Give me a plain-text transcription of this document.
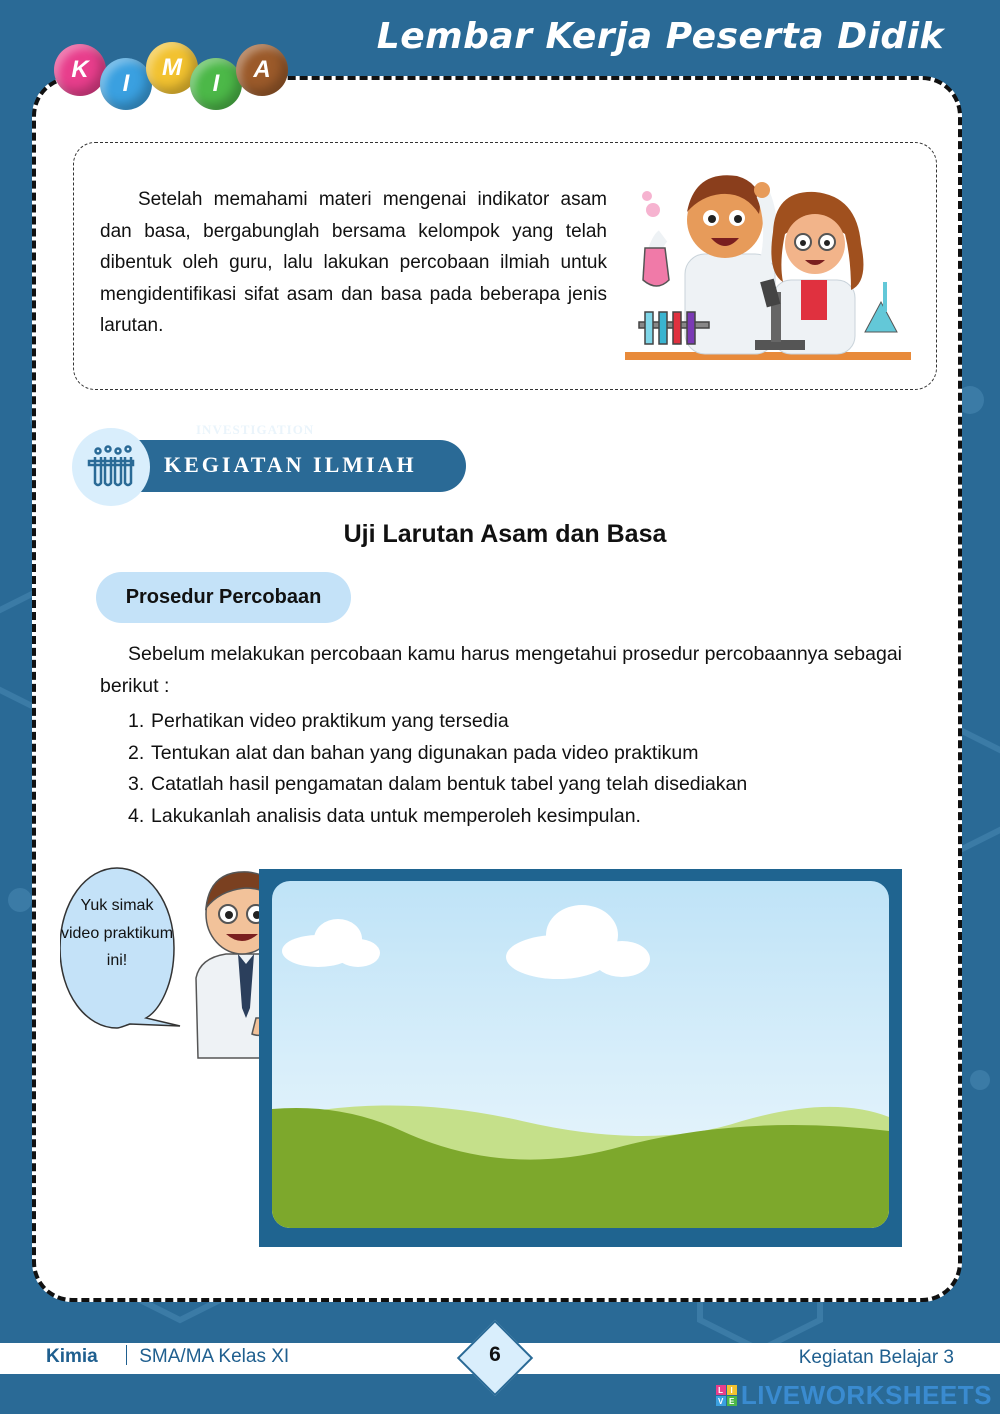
Lembar Kerja Peserta Didik
K
I
M
I
A
Setelah memahami materi mengenai indikator asam dan basa, bergabunglah bersama kelompok yang telah dibentuk oleh guru, lalu lakukan percobaan ilmiah untuk mengidentifikasi sifat asam dan basa pada beberapa jenis larutan.
KEGIATAN ILMIAH
INVESTIGATION
Uji Larutan Asam dan Basa
Prosedur Percobaan
Sebelum melakukan percobaan kamu harus mengetahui prosedur percobaannya sebagai berikut :
1. Perhatikan video praktikum yang tersedia
2. Tentukan alat dan bahan yang digunakan pada video praktikum
3. Catatlah hasil pengamatan dalam bentuk tabel yang telah disediakan
4. Lakukanlah analisis data untuk memperoleh kesimpulan.
Yuk simak video praktikum ini!
Kimia SMA/MA Kelas XI	6	Kegiatan Belajar 3
L I
V E LIVEWORKSHEETS
